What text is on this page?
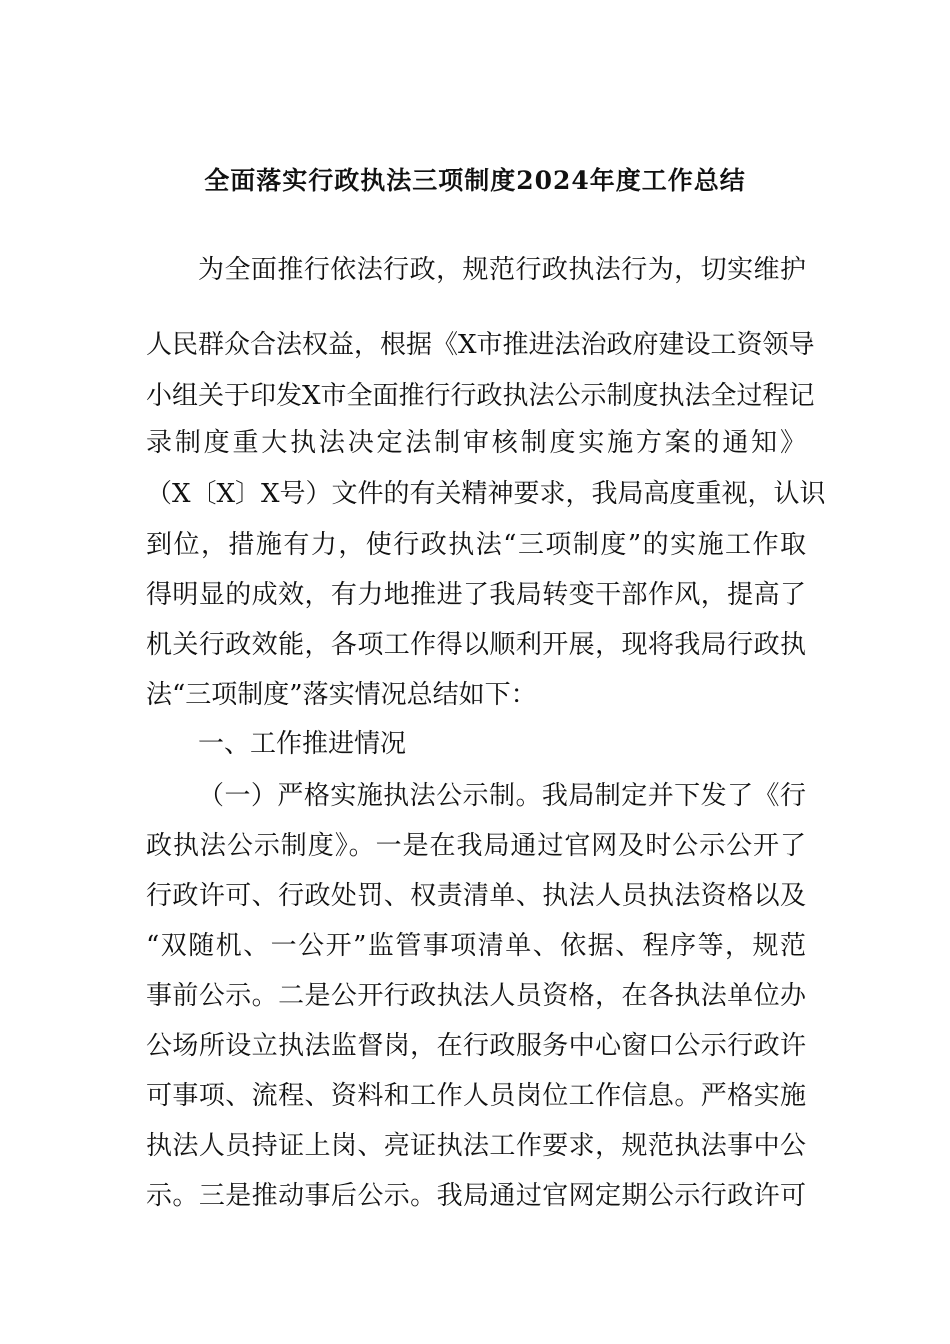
全面落实行政执法三项制度2024年度工作总结

为全面推行依法行政，规范行政执法行为，切实维护

人民群众合法权益，根据《X市推进法治政府建设工资领导

小组关于印发X市全面推行行政执法公示制度执法全过程记

录制度重大执法决定法制审核制度实施方案的通知》

（X〔X〕X号）文件的有关精神要求，我局高度重视，认识

到位，措施有力，使行政执法“三项制度”的实施工作取

得明显的成效，有力地推进了我局转变干部作风，提高了

机关行政效能，各项工作得以顺利开展，现将我局行政执

法“三项制度”落实情况总结如下：

一、工作推进情况

（一）严格实施执法公示制。我局制定并下发了《行

政执法公示制度》。一是在我局通过官网及时公示公开了

行政许可、行政处罚、权责清单、执法人员执法资格以及

“双随机、一公开”监管事项清单、依据、程序等，规范

事前公示。二是公开行政执法人员资格，在各执法单位办

公场所设立执法监督岗，在行政服务中心窗口公示行政许

可事项、流程、资料和工作人员岗位工作信息。严格实施

执法人员持证上岗、亮证执法工作要求，规范执法事中公

示。三是推动事后公示。我局通过官网定期公示行政许可
